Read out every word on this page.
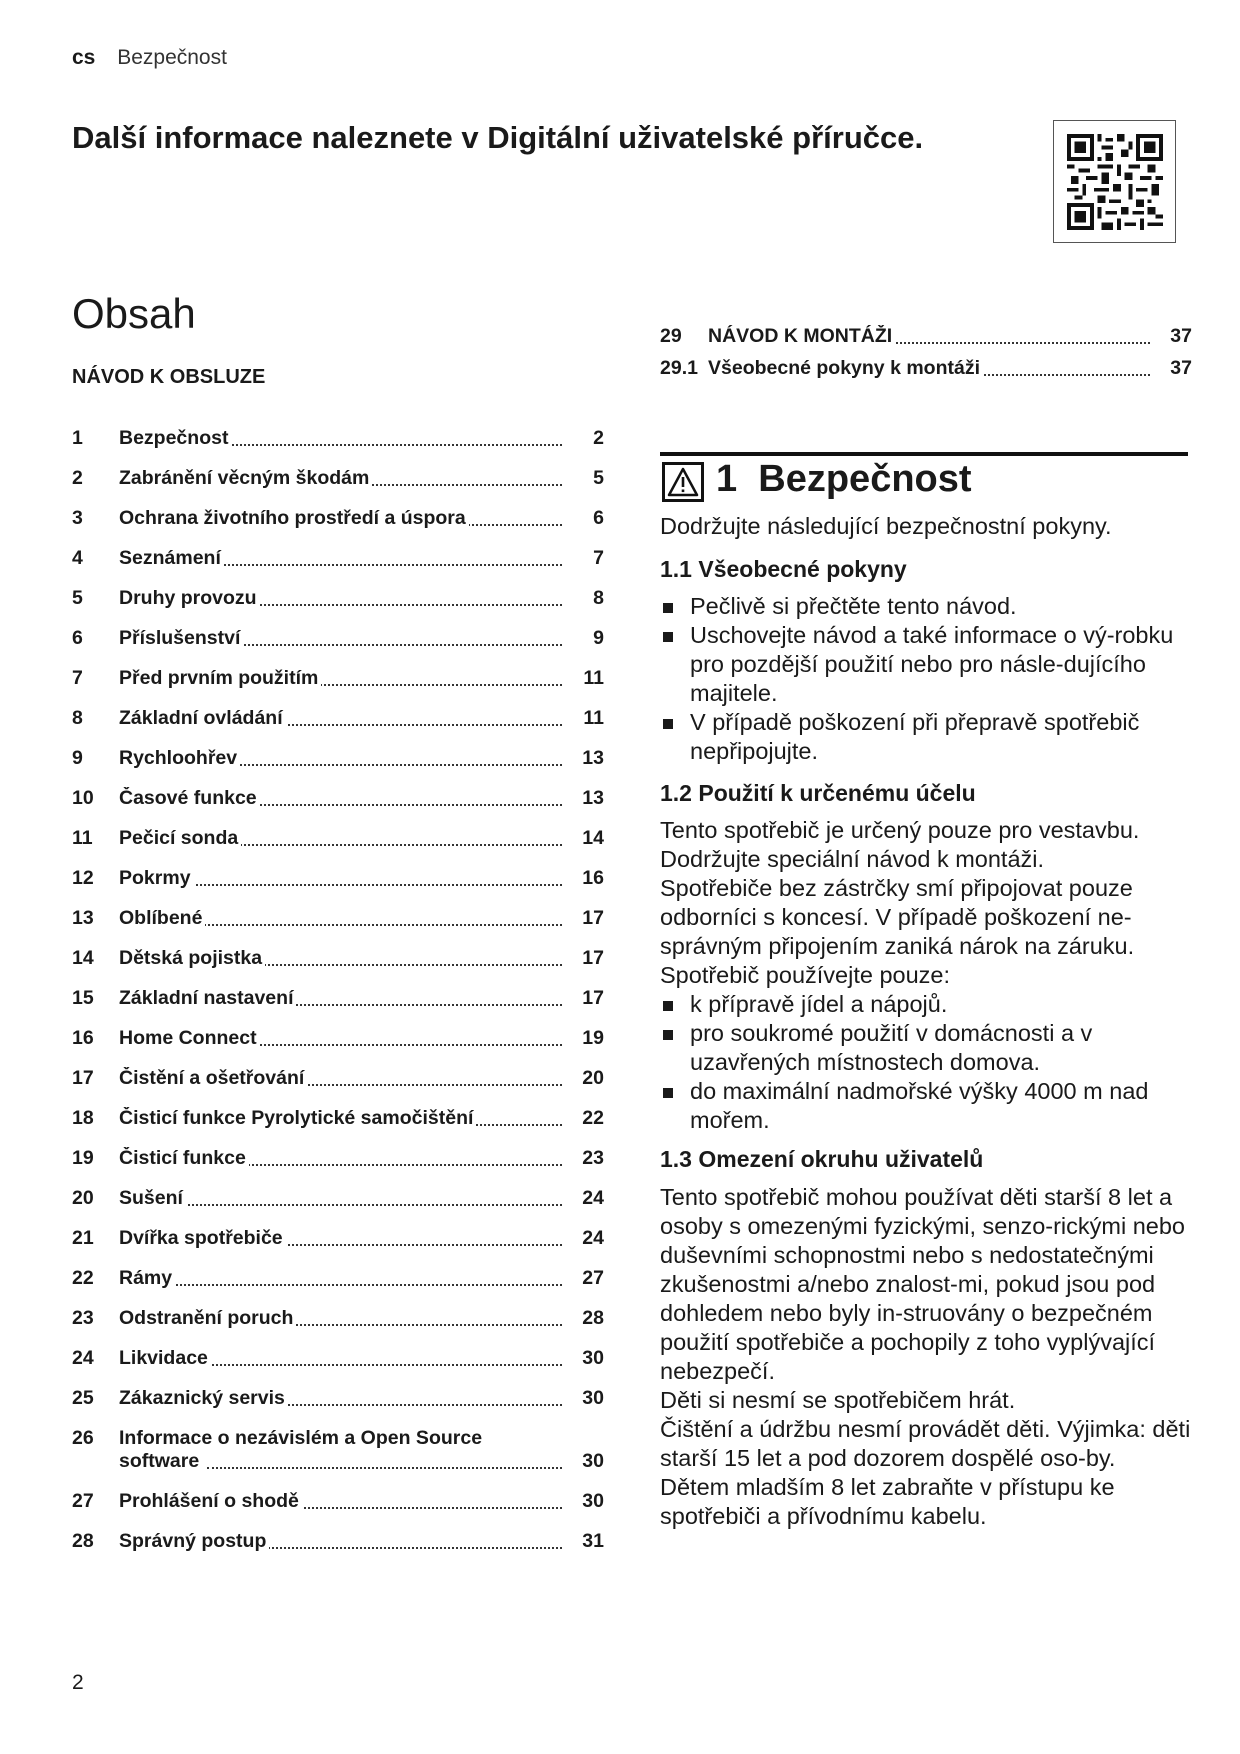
cs Bezpečnost
Další informace naleznete v Digitální uživatelské příručce.
Obsah
NÁVOD K OBSLUZE
1	Bezpečnost	2
2	Zabránění věcným škodám	5
3	Ochrana životního prostředí a úspora	6
4	Seznámení	7
5	Druhy provozu	8
6	Příslušenství	9
7	Před prvním použitím	11
8	Základní ovládání	11
9	Rychloohřev	13
10	Časové funkce	13
11	Pečicí sonda	14
12	Pokrmy	16
13	Oblíbené	17
14	Dětská pojistka	17
15	Základní nastavení	17
16	Home Connect	19
17	Čistění a ošetřování	20
18	Čisticí funkce Pyrolytické samočištění	22
19	Čisticí funkce	23
20	Sušení	24
21	Dvířka spotřebiče	24
22	Rámy	27
23	Odstranění poruch	28
24	Likvidace	30
25	Zákaznický servis	30
26	Informace o nezávislém a Open Source software	30
27	Prohlášení o shodě	30
28	Správný postup	31
29	NÁVOD K MONTÁŽI	37
29.1 Všeobecné pokyny k montáži	37
1 Bezpečnost
Dodržujte následující bezpečnostní pokyny.
1.1 Všeobecné pokyny
Pečlivě si přečtěte tento návod.
Uschovejte návod a také informace o vý-robku pro pozdější použití nebo pro násle-dujícího majitele.
V případě poškození při přepravě spotřebič nepřipojujte.
1.2 Použití k určenému účelu

Tento spotřebič je určený pouze pro vestavbu. Dodržujte speciální návod k montáži.

Spotřebiče bez zástrčky smí připojovat pouze odborníci s koncesí. V případě poškození ne-správným připojením zaniká nárok na záruku.

Spotřebič používejte pouze:

k přípravě jídel a nápojů.
pro soukromé použití v domácnosti a v uzavřených místnostech domova.
do maximální nadmořské výšky 4000 m nad mořem.
1.3 Omezení okruhu uživatelů

Tento spotřebič mohou používat děti starší 8 let a osoby s omezenými fyzickými, senzo-rickými nebo duševními schopnostmi nebo s nedostatečnými zkušenostmi a/nebo znalost-mi, pokud jsou pod dohledem nebo byly in-struovány o bezpečném použití spotřebiče a pochopily z toho vyplývající nebezpečí.

Děti si nesmí se spotřebičem hrát.

Čištění a údržbu nesmí provádět děti. Výjimka: děti starší 15 let a pod dozorem dospělé oso-by.

Dětem mladším 8 let zabraňte v přístupu ke spotřebiči a přívodnímu kabelu.

2
